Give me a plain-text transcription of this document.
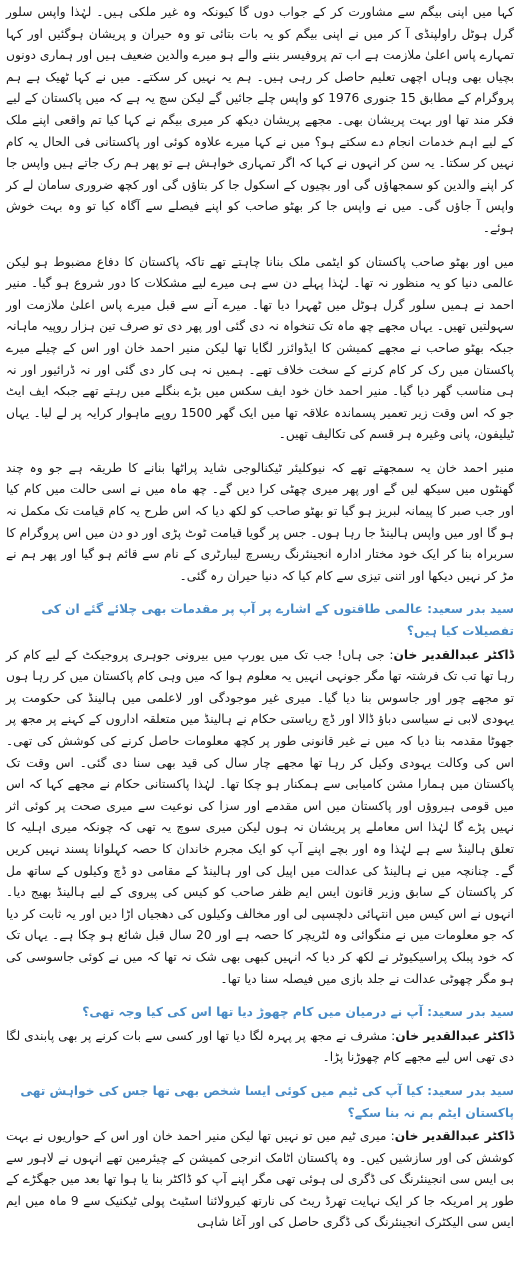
کہا میں اپنی بیگم سے مشاورت کر کے جواب دوں گا کیونکہ وہ غیر ملکی ہیں۔ لہٰذا واپس سلور گرل ہوٹل راولپنڈی آ کر میں نے اپنی بیگم کو یہ بات بتائی تو وہ حیران و پریشان ہوگئیں اور کہا تمہارے پاس اعلیٰ ملازمت ہے اب تم پروفیسر بننے والے ہو میرے والدین ضعیف ہیں اور ہماری دونوں بچیاں بھی وہاں اچھی تعلیم حاصل کر رہی ہیں۔ ہم یہ نہیں کر سکتے۔ میں نے کہا ٹھیک ہے ہم پروگرام کے مطابق 15 جنوری 1976 کو واپس چلے جائیں گے لیکن سچ یہ ہے کہ میں پاکستان کے لیے فکر مند تھا اور بہت پریشان بھی۔ مجھے پریشان دیکھ کر میری بیگم نے کہا کیا تم واقعی اپنے ملک کے لیے اہم خدمات انجام دے سکتے ہو؟ میں نے کہا میرے علاوہ کوئی اور پاکستانی فی الحال یہ کام نہیں کر سکتا۔ یہ سن کر انہوں نے کہا کہ اگر تمہاری خواہش ہے تو پھر ہم رک جاتے ہیں واپس جا کر اپنے والدین کو سمجھاؤں گی اور بچیوں کے اسکول جا کر بتاؤں گی اور کچھ ضروری سامان لے کر واپس آ جاؤں گی۔ میں نے واپس جا کر بھٹو صاحب کو اپنے فیصلے سے آگاہ کیا تو وہ بہت خوش ہوئے۔

میں اور بھٹو صاحب پاکستان کو ایٹمی ملک بنانا چاہتے تھے تاکہ پاکستان کا دفاع مضبوط ہو لیکن عالمی دنیا کو یہ منظور نہ تھا۔ لہٰذا پہلے دن سے ہی میرے لیے مشکلات کا دور شروع ہو گیا۔ منیر احمد نے ہمیں سلور گرل ہوٹل میں ٹھہرا دیا تھا۔ میرے آنے سے قبل میرے پاس اعلیٰ ملازمت اور سہولتیں تھیں۔ یہاں مجھے چھ ماہ تک تنخواہ نہ دی گئی اور پھر دی تو صرف تین ہزار روپیہ ماہانہ جبکہ بھٹو صاحب نے مجھے کمیشن کا ایڈوائزر لگایا تھا لیکن منیر احمد خان اور اس کے چیلے میرے پاکستان میں رک کر کام کرنے کے سخت خلاف تھے۔ ہمیں نہ ہی کار دی گئی اور نہ ڈرائیور اور نہ ہی مناسب گھر دیا گیا۔ منیر احمد خان خود ایف سکس میں بڑے بنگلے میں رہتے تھے جبکہ ایف ایٹ جو کہ اس وقت زیر تعمیر پسماندہ علاقہ تھا میں ایک گھر 1500 روپے ماہوار کرایہ پر لے لیا۔ یہاں ٹیلیفون، پانی وغیرہ ہر قسم کی تکالیف تھیں۔

منیر احمد خان یہ سمجھتے تھے کہ نیوکلیئر ٹیکنالوجی شاید پراٹھا بنانے کا طریقہ ہے جو وہ چند گھنٹوں میں سیکھ لیں گے اور پھر میری چھٹی کرا دیں گے۔ چھ ماہ میں نے اسی حالت میں کام کیا اور جب صبر کا پیمانہ لبریز ہو گیا تو بھٹو صاحب کو لکھ دیا کہ اس طرح یہ کام قیامت تک مکمل نہ ہو گا اور میں واپس ہالینڈ جا رہا ہوں۔ جس پر گویا قیامت ٹوٹ پڑی اور دو دن میں اس پروگرام کا سربراہ بنا کر ایک خود مختار ادارہ انجینئرنگ ریسرچ لیبارٹری کے نام سے قائم ہو گیا اور پھر ہم نے مڑ کر نہیں دیکھا اور اتنی تیزی سے کام کیا کہ دنیا حیران رہ گئی۔

سید بدر سعید: عالمی طاقتوں کے اشارے پر آپ پر مقدمات بھی چلائے گئے ان کی تفصیلات کیا ہیں؟

ڈاکٹر عبدالقدیر خان: جی ہاں! جب تک میں یورپ میں بیرونی جوہری پروجیکٹ کے لیے کام کر رہا تھا تب تک فرشتہ تھا مگر جونہی انہیں یہ معلوم ہوا کہ میں وہی کام پاکستان میں کر رہا ہوں تو مجھے چور اور جاسوس بنا دیا گیا۔ میری غیر موجودگی اور لاعلمی میں ہالینڈ کی حکومت پر یہودی لابی نے سیاسی دباؤ ڈالا اور ڈچ ریاستی حکام نے ہالینڈ میں متعلقہ اداروں کے کہنے پر مجھ پر جھوٹا مقدمہ بنا دیا کہ میں نے غیر قانونی طور پر کچھ معلومات حاصل کرنے کی کوشش کی تھی۔ اس کی وکالت یہودی وکیل کر رہا تھا مجھے چار سال کی قید بھی سنا دی گئی۔ اس وقت تک پاکستان میں ہمارا مشن کامیابی سے ہمکنار ہو چکا تھا۔ لہٰذا پاکستانی حکام نے مجھے کہا کہ اس میں قومی ہیروؤں اور پاکستان میں اس مقدمے اور سزا کی نوعیت سے میری صحت پر کوئی اثر نہیں پڑے گا لہٰذا اس معاملے پر پریشان نہ ہوں لیکن میری سوچ یہ تھی کہ چونکہ میری اہلیہ کا تعلق ہالینڈ سے ہے لہٰذا وہ اور بچے اپنے آپ کو ایک مجرم خاندان کا حصہ کہلوانا پسند نہیں کریں گے۔ چنانچہ میں نے ہالینڈ کی عدالت میں اپیل کی اور ہالینڈ کے مقامی دو ڈچ وکیلوں کے ساتھ مل کر پاکستان کے سابق وزیر قانون ایس ایم ظفر صاحب کو کیس کی پیروی کے لیے ہالینڈ بھیج دیا۔ انہوں نے اس کیس میں انتہائی دلچسپی لی اور مخالف وکیلوں کی دھجیاں اڑا دیں اور یہ ثابت کر دیا کہ جو معلومات میں نے منگوائی وہ لٹریچر کا حصہ ہے اور 20 سال قبل شائع ہو چکا ہے۔ یہاں تک کہ خود پبلک پراسیکیوٹر نے لکھ کر دیا کہ انہیں کبھی بھی شک نہ تھا کہ میں نے کوئی جاسوسی کی ہو مگر چھوٹی عدالت نے جلد بازی میں فیصلہ سنا دیا تھا۔

سید بدر سعید: آپ نے درمیان میں کام چھوڑ دیا تھا اس کی کیا وجہ تھی؟

ڈاکٹر عبدالقدیر خان: مشرف نے مجھ پر پہرہ لگا دیا تھا اور کسی سے بات کرنے پر بھی پابندی لگا دی تھی اس لیے مجھے کام چھوڑنا پڑا۔

سید بدر سعید: کیا آپ کی ٹیم میں کوئی ایسا شخص بھی تھا جس کی خواہش تھی پاکستان ایٹم بم نہ بنا سکے؟

ڈاکٹر عبدالقدیر خان: میری ٹیم میں تو نہیں تھا لیکن منیر احمد خان اور اس کے حواریوں نے بہت کوشش کی اور سازشیں کیں۔ وہ پاکستان اٹامک انرجی کمیشن کے چیئرمین تھے انہوں نے لاہور سے بی ایس سی انجینئرنگ کی ڈگری لی ہوئی تھی مگر اپنے آپ کو ڈاکٹر بنا یا ہوا تھا بعد میں جھگڑے کے طور پر امریکہ جا کر ایک نہایت تھرڈ ریٹ کی نارتھ کیرولائنا اسٹیٹ پولی ٹیکنیک سے 9 ماہ میں ایم ایس سی الیکٹرک انجینئرنگ کی ڈگری حاصل کی اور آغا شاہی
